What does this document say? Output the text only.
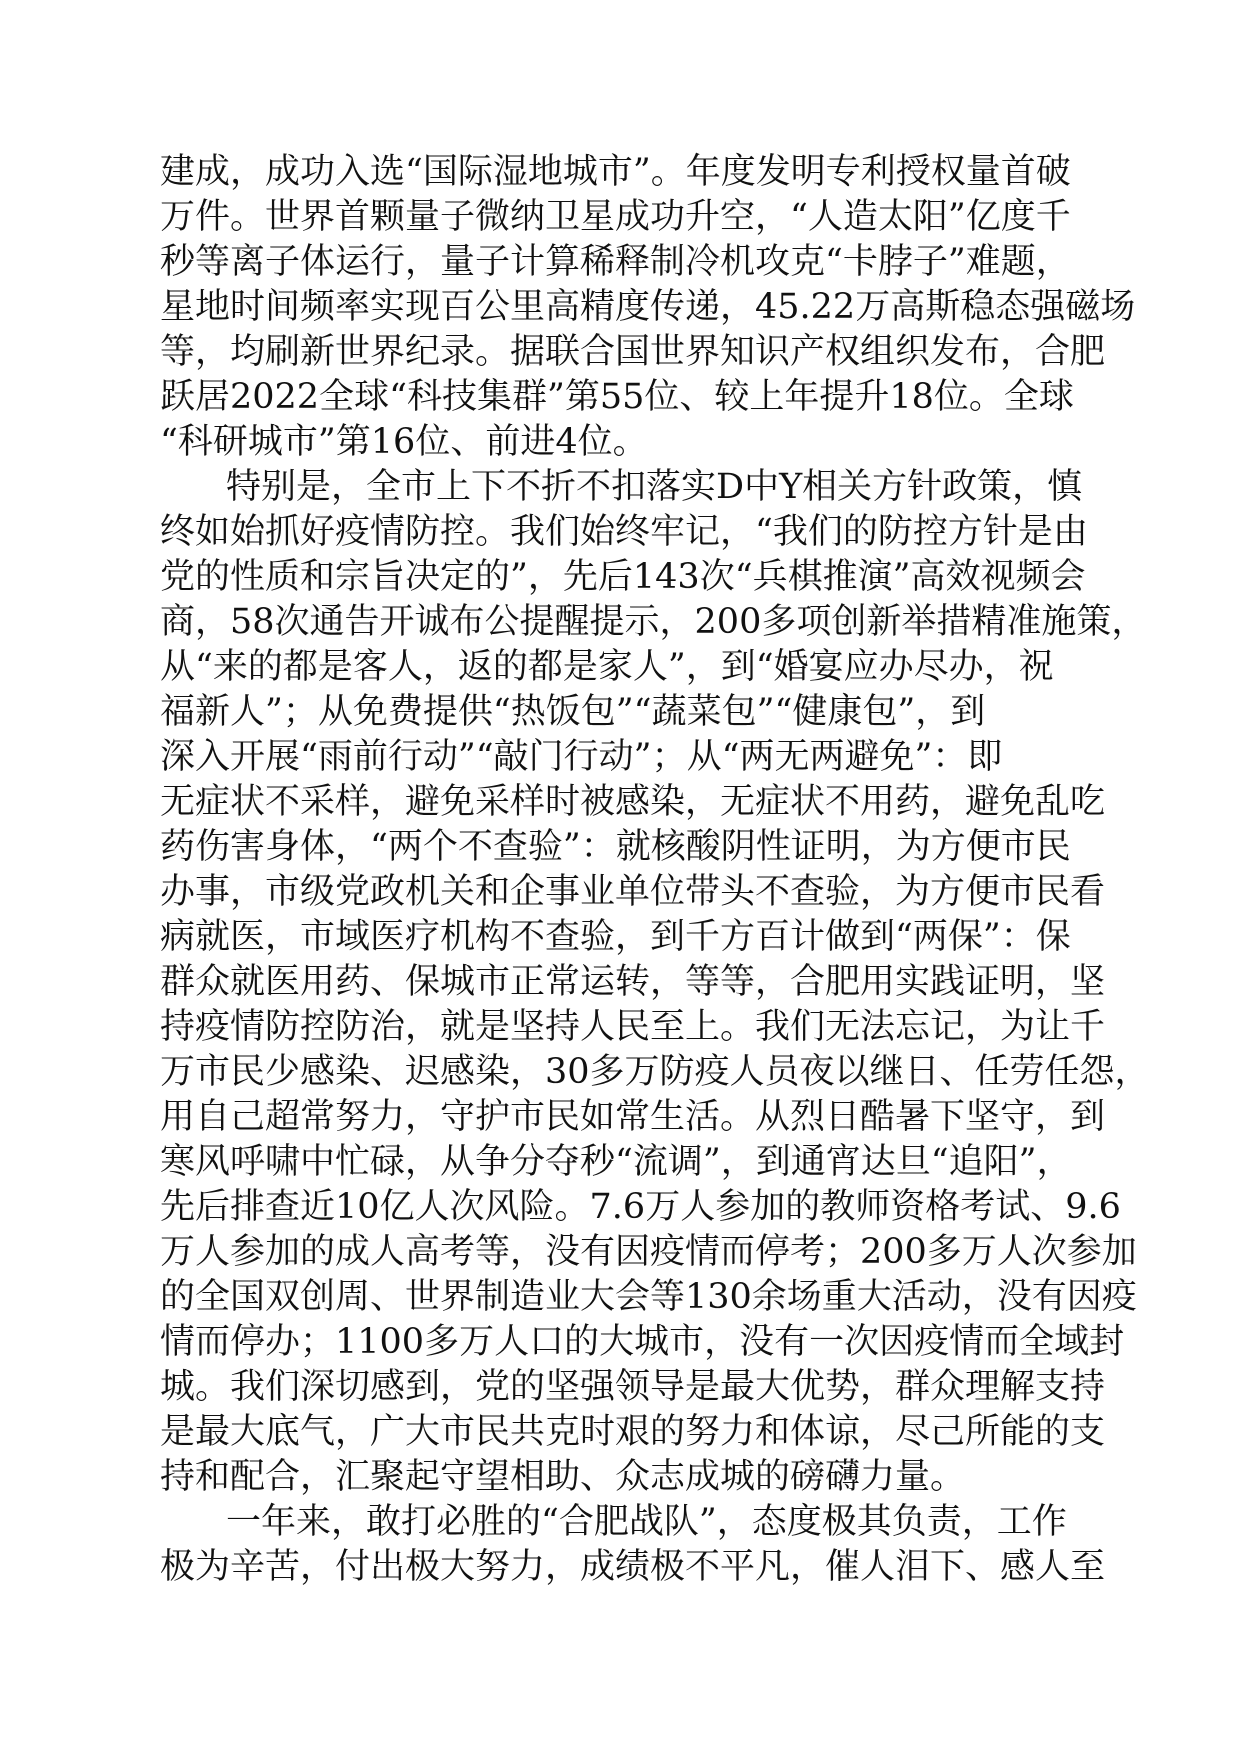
建成，成功入选“国际湿地城市”。年度发明专利授权量首破
万件。世界首颗量子微纳卫星成功升空，“人造太阳”亿度千
秒等离子体运行，量子计算稀释制冷机攻克“卡脖子”难题，
星地时间频率实现百公里高精度传递，45.22万高斯稳态强磁场
等，均刷新世界纪录。据联合国世界知识产权组织发布，合肥
跃居2022全球“科技集群”第55位、较上年提升18位。全球
“科研城市”第16位、前进4位。
特别是，全市上下不折不扣落实D中Y相关方针政策，慎
终如始抓好疫情防控。我们始终牢记，“我们的防控方针是由
党的性质和宗旨决定的”，先后143次“兵棋推演”高效视频会
商，58次通告开诚布公提醒提示，200多项创新举措精准施策，
从“来的都是客人，返的都是家人”，到“婚宴应办尽办，祝
福新人”；从免费提供“热饭包”“蔬菜包”“健康包”，到
深入开展“雨前行动”“敲门行动”；从“两无两避免”：即
无症状不采样，避免采样时被感染，无症状不用药，避免乱吃
药伤害身体，“两个不查验”：就核酸阴性证明，为方便市民
办事，市级党政机关和企事业单位带头不查验，为方便市民看
病就医，市域医疗机构不查验，到千方百计做到“两保”：保
群众就医用药、保城市正常运转，等等，合肥用实践证明，坚
持疫情防控防治，就是坚持人民至上。我们无法忘记，为让千
万市民少感染、迟感染，30多万防疫人员夜以继日、任劳任怨，
用自己超常努力，守护市民如常生活。从烈日酷暑下坚守，到
寒风呼啸中忙碌，从争分夺秒“流调”，到通宵达旦“追阳”，
先后排查近10亿人次风险。7.6万人参加的教师资格考试、9.6
万人参加的成人高考等，没有因疫情而停考；200多万人次参加
的全国双创周、世界制造业大会等130余场重大活动，没有因疫
情而停办；1100多万人口的大城市，没有一次因疫情而全域封
城。我们深切感到，党的坚强领导是最大优势，群众理解支持
是最大底气，广大市民共克时艰的努力和体谅，尽己所能的支
持和配合，汇聚起守望相助、众志成城的磅礴力量。
一年来，敢打必胜的“合肥战队”，态度极其负责，工作
极为辛苦，付出极大努力，成绩极不平凡，催人泪下、感人至
